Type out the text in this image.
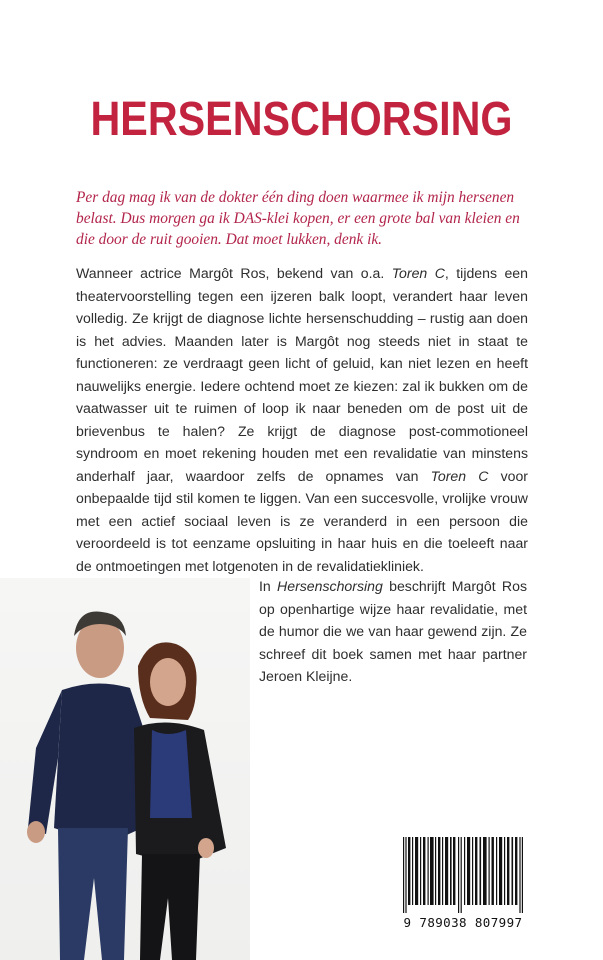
HERSENSCHORSING
Per dag mag ik van de dokter één ding doen waarmee ik mijn hersenen belast. Dus morgen ga ik DAS-klei kopen, er een grote bal van kleien en die door de ruit gooien. Dat moet lukken, denk ik.
Wanneer actrice Margôt Ros, bekend van o.a. Toren C, tijdens een theatervoorstelling tegen een ijzeren balk loopt, verandert haar leven volledig. Ze krijgt de diagnose lichte hersenschudding – rustig aan doen is het advies. Maanden later is Margôt nog steeds niet in staat te functioneren: ze verdraagt geen licht of geluid, kan niet lezen en heeft nauwelijks energie. Iedere ochtend moet ze kiezen: zal ik bukken om de vaatwasser uit te ruimen of loop ik naar beneden om de post uit de brievenbus te halen? Ze krijgt de diagnose post-commotioneel syndroom en moet rekening houden met een revalidatie van minstens anderhalf jaar, waardoor zelfs de opnames van Toren C voor onbepaalde tijd stil komen te liggen. Van een succesvolle, vrolijke vrouw met een actief sociaal leven is ze veranderd in een persoon die veroordeeld is tot eenzame opsluiting in haar huis en die toeleeft naar de ontmoetingen met lotgenoten in de revalidatiekliniek.
In Hersenschorsing beschrijft Margôt Ros op openhartige wijze haar revalidatie, met de humor die we van haar gewend zijn. Ze schreef dit boek samen met haar partner Jeroen Kleijne.
9 789038 807997
